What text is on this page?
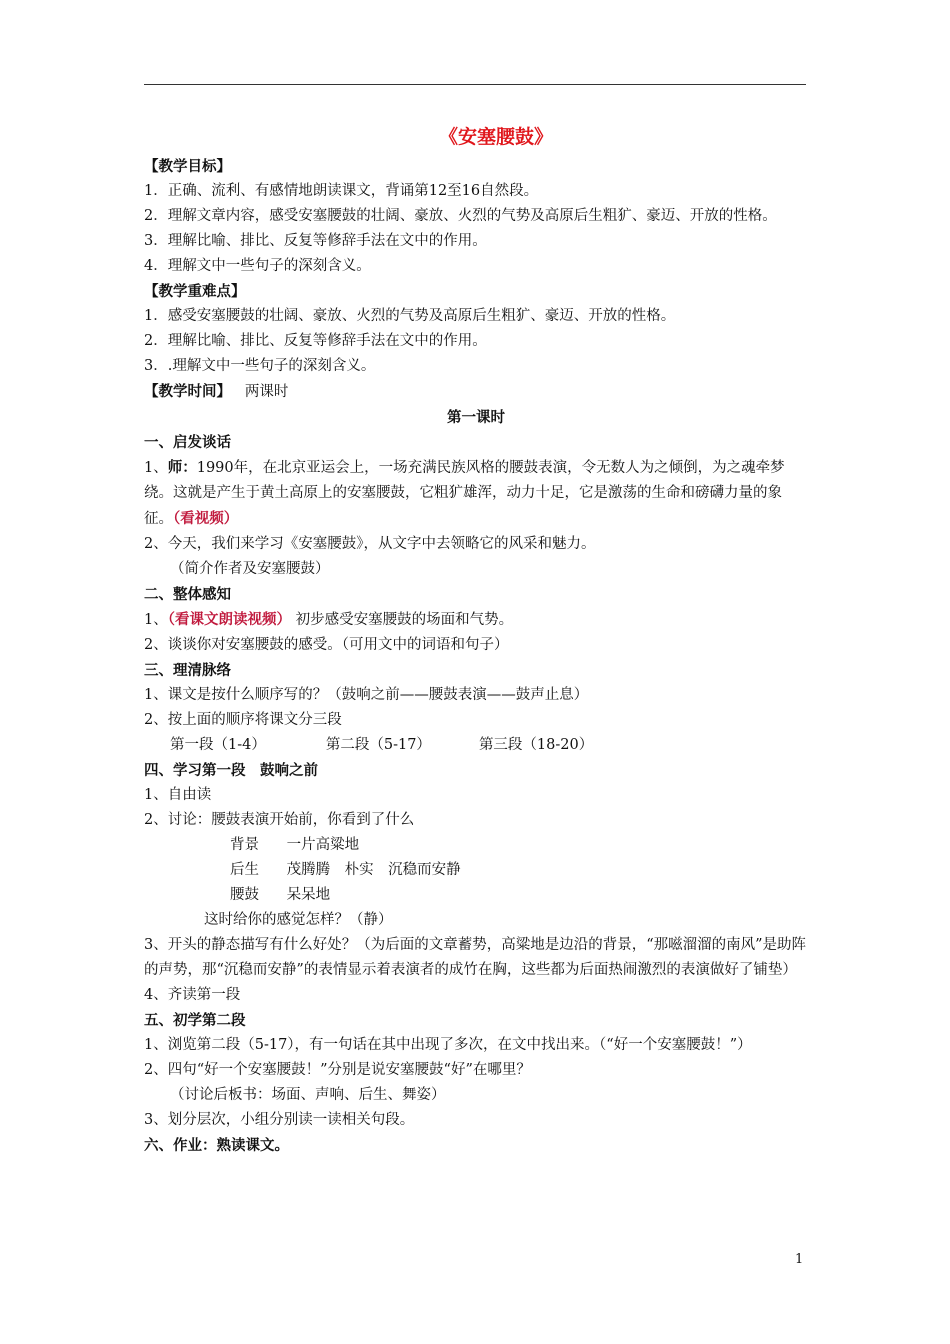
《安塞腰鼓》
【教学目标】
1．正确、流利、有感情地朗读课文，背诵第12至16自然段。
2．理解文章内容，感受安塞腰鼓的壮阔、豪放、火烈的气势及高原后生粗犷、豪迈、开放的性格。
3．理解比喻、排比、反复等修辞手法在文中的作用。
4．理解文中一些句子的深刻含义。
【教学重难点】
1．感受安塞腰鼓的壮阔、豪放、火烈的气势及高原后生粗犷、豪迈、开放的性格。
2．理解比喻、排比、反复等修辞手法在文中的作用。
3．.理解文中一些句子的深刻含义。
【教学时间】 两课时
第一课时
一、启发谈话
1、师：1990年，在北京亚运会上，一场充满民族风格的腰鼓表演，令无数人为之倾倒，为之魂牵梦绕。这就是产生于黄土高原上的安塞腰鼓，它粗犷雄浑，动力十足，它是激荡的生命和磅礴力量的象征。（看视频）
2、今天，我们来学习《安塞腰鼓》，从文字中去领略它的风采和魅力。
（简介作者及安塞腰鼓）
二、整体感知
1、（看课文朗读视频） 初步感受安塞腰鼓的场面和气势。
2、谈谈你对安塞腰鼓的感受。（可用文中的词语和句子）
三、理清脉络
1、课文是按什么顺序写的？（鼓响之前——腰鼓表演——鼓声止息）
2、按上面的顺序将课文分三段
第一段（1-4）	第二段（5-17）	第三段（18-20）
四、学习第一段　鼓响之前
1、自由读
2、讨论：腰鼓表演开始前，你看到了什么
背景 一片高粱地
后生 茂腾腾　朴实　沉稳而安静
腰鼓 呆呆地
这时给你的感觉怎样？（静）
3、开头的静态描写有什么好处？（为后面的文章蓄势，高粱地是边沿的背景，“那嗞溜溜的南风”是助阵的声势，那“沉稳而安静”的表情显示着表演者的成竹在胸，这些都为后面热闹激烈的表演做好了铺垫）
4、齐读第一段
五、初学第二段
1、浏览第二段（5-17），有一句话在其中出现了多次，在文中找出来。（“好一个安塞腰鼓！”）
2、四句“好一个安塞腰鼓！”分别是说安塞腰鼓“好”在哪里？
（讨论后板书：场面、声响、后生、舞姿）
3、划分层次，小组分别读一读相关句段。
六、作业：熟读课文。
1
